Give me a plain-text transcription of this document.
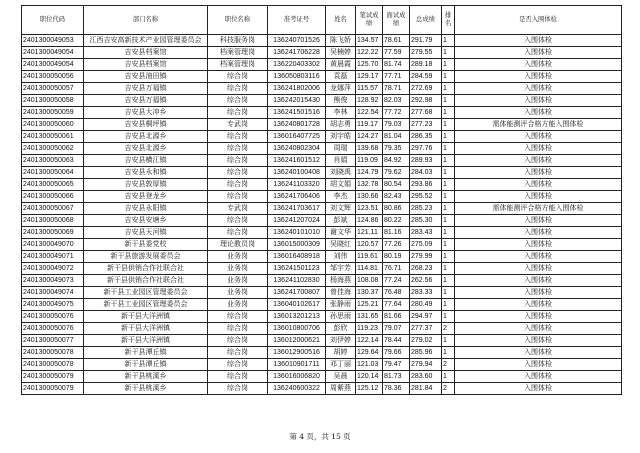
职位代码	部门名称	职位名称	准考证号	姓名	笔试成绩	面试成绩	总成绩	排名	是否入围体检
2401300049053	江西吉安高新技术产业园管理委员会	科技服务岗	136240701526	陈飞娇	134.57	78.61	291.79	1	入围体检
2401300049054	吉安县档案馆	档案管理岗	136241706228	吴楠婷	122.22	77.59	279.55	1	入围体检
2401300049054	吉安县档案馆	档案管理岗	136220403302	黄晨霞	125.70	81.74	289.18	1	入围体检
2401300050056	吉安县油田镇	综合岗	136050803116	袁磊	129.17	77.71	284.59	1	入围体检
2401300050057	吉安县万福镇	综合岗	136241802006	龙娜萍	115.57	78.71	272.69	1	入围体检
2401300050058	吉安县万福镇	综合岗	136242015430	熊俊	128.92	82.03	292.98	1	入围体检
2401300050059	吉安县大冲乡	综合岗	136241501516	李林	122.54	77.72	277.68	1	入围体检
2401300050060	吉安县桐坪镇	专武岗	136240801728	胡志勇	119.17	79.03	277.23	1	需体能测评合格方能入围体检
2401300050061	吉安县北源乡	综合岗	136016407725	刘宇皓	124.27	81.04	286.35	1	入围体检
2401300050062	吉安县北源乡	综合岗	136240802304	周瑞	139.68	79.35	297.76	1	入围体检
2401300050063	吉安县横江镇	综合岗	136241601512	肖娟	119.09	84.92	289.93	1	入围体检
2401300050064	吉安县永和镇	综合岗	136240100408	刘晓禹	124.79	79.62	284.03	1	入围体检
2401300050065	吉安县敦厚镇	综合岗	136241103320	胡文娟	132.78	80.54	293.86	1	入围体检
2401300050066	吉安县登龙乡	综合岗	136241706406	李杰	130.66	82.43	295.52	1	入围体检
2401300050067	吉安县永阳镇	专武岗	136241703617	刘文辉	123.51	80.86	285.23	1	需体能测评合格方能入围体检
2401300050068	吉安县安塘乡	综合岗	136241207024	彭斌	124.86	80.22	285.30	1	入围体检
2401300050069	吉安县天河镇	综合岗	136240101010	谢文华	121.11	81.16	283.43	1	入围体检
2401300049070	新干县委党校	理论教员岗	136015000309	吴晓红	120.57	77.26	275.09	1	入围体检
2401300049071	新干县旅游发展委员会	业务岗	136016408918	刘伟	119.61	80.19	279.99	1	入围体检
2401300049072	新干县供销合作社联合社	业务岗	136241501123	邹宇芳	114.81	76.71	268.23	1	入围体检
2401300049073	新干县供销合作社联合社	业务岗	136241102830	杨海燕	108.08	77.24	262.56	1	入围体检
2401300049074	新干县工业园区管理委员会	业务岗	136241700807	曾佳海	130.37	76.48	283.33	1	入围体检
2401300049075	新干县工业园区管理委员会	业务岗	136040102617	张静雨	125.21	77.64	280.49	1	入围体检
2401300050076	新干县大洋洲镇	综合岗	136013201213	孙思雨	131.65	81.66	294.97	1	入围体检
2401300050076	新干县大洋洲镇	综合岗	136010800706	彭欣	119.23	79.07	277.37	2	入围体检
2401300050077	新干县大洋洲镇	综合岗	136012000621	刘伊婷	122.14	78.44	279.02	1	入围体检
2401300050078	新干县潭丘镇	综合岗	136012900516	胡婷	129.64	79.66	285.96	1	入围体检
2401300050078	新干县潭丘镇	综合岗	136010901711	邓丁丽	121.03	79.47	279.94	2	入围体检
2401300050079	新干县桃溪乡	综合岗	136016006820	吴晨	120.14	81.73	283.60	1	入围体检
2401300050079	新干县桃溪乡	综合岗	136240600322	周紫燕	125.12	78.36	281.84	2	入围体检
第 4 页，共 15 页
